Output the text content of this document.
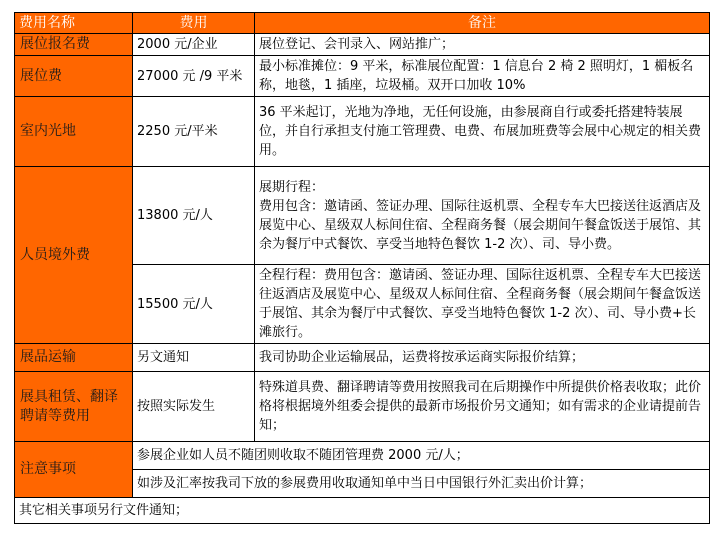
费用名称	费用	备注
展位报名费	2000 元/企业	展位登记、会刊录入、网站推广；
展位费	27000 元 /9 平米	最小标准摊位：9 平米，标准展位配置：1 信息台 2 椅 2 照明灯，1 楣板名称，地毯，1 插座，垃圾桶。双开口加收 10%
室内光地	2250 元/平米	36 平米起订，光地为净地，无任何设施，由参展商自行或委托搭建特装展位，并自行承担支付施工管理费、电费、布展加班费等会展中心规定的相关费用。
人员境外费	13800 元/人	展期行程：

费用包含：邀请函、签证办理、国际往返机票、全程专车大巴接送往返酒店及展览中心、星级双人标间住宿、全程商务餐（展会期间午餐盒饭送于展馆、其余为餐厅中式餐饮、享受当地特色餐饮 1-2 次）、司、导小费。

	15500 元/人	全程行程：费用包含：邀请函、签证办理、国际往返机票、全程专车大巴接送往返酒店及展览中心、星级双人标间住宿、全程商务餐（展会期间午餐盒饭送于展馆、其余为餐厅中式餐饮、享受当地特色餐饮 1-2 次）、司、导小费+长滩旅行。

展品运输	另文通知	我司协助企业运输展品，运费将按承运商实际报价结算；
展具租赁、翻译聘请等费用	按照实际发生	特殊道具费、翻译聘请等费用按照我司在后期操作中所提供价格表收取；此价格将根据境外组委会提供的最新市场报价另文通知；如有需求的企业请提前告知；
注意事项	参展企业如人员不随团则收取不随团管理费 2000 元/人；	
	如涉及汇率按我司下放的参展费用收取通知单中当日中国银行外汇卖出价计算；	
其它相关事项另行文件通知；		
